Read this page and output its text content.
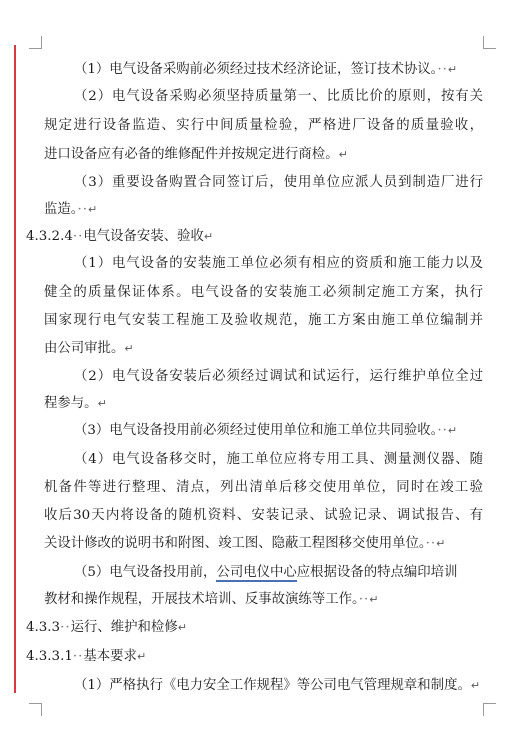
（1）电气设备采购前必须经过技术经济论证，签订技术协议。··↵
（2）电气设备采购必须坚持质量第一、比质比价的原则，按有关
规定进行设备监造、实行中间质量检验，严格进厂设备的质量验收，
进口设备应有必备的维修配件并按规定进行商检。↵
（3）重要设备购置合同签订后，使用单位应派人员到制造厂进行
监造。··↵
4.3.2.4··电气设备安装、验收↵
（1）电气设备的安装施工单位必须有相应的资质和施工能力以及
健全的质量保证体系。电气设备的安装施工必须制定施工方案，执行
国家现行电气安装工程施工及验收规范，施工方案由施工单位编制并
由公司审批。↵
（2）电气设备安装后必须经过调试和试运行，运行维护单位全过
程参与。↵
（3）电气设备投用前必须经过使用单位和施工单位共同验收。··↵
（4）电气设备移交时，施工单位应将专用工具、测量测仪器、随
机备件等进行整理、清点，列出清单后移交使用单位，同时在竣工验
收后30天内将设备的随机资料、安装记录、试验记录、调试报告、有
关设计修改的说明书和附图、竣工图、隐蔽工程图移交使用单位。··↵
（5）电气设备投用前，公司电仪中心应根据设备的特点编印培训
教材和操作规程，开展技术培训、反事故演练等工作。··↵
4.3.3··运行、维护和检修↵
4.3.3.1··基本要求↵
（1）严格执行《电力安全工作规程》等公司电气管理规章和制度。↵
